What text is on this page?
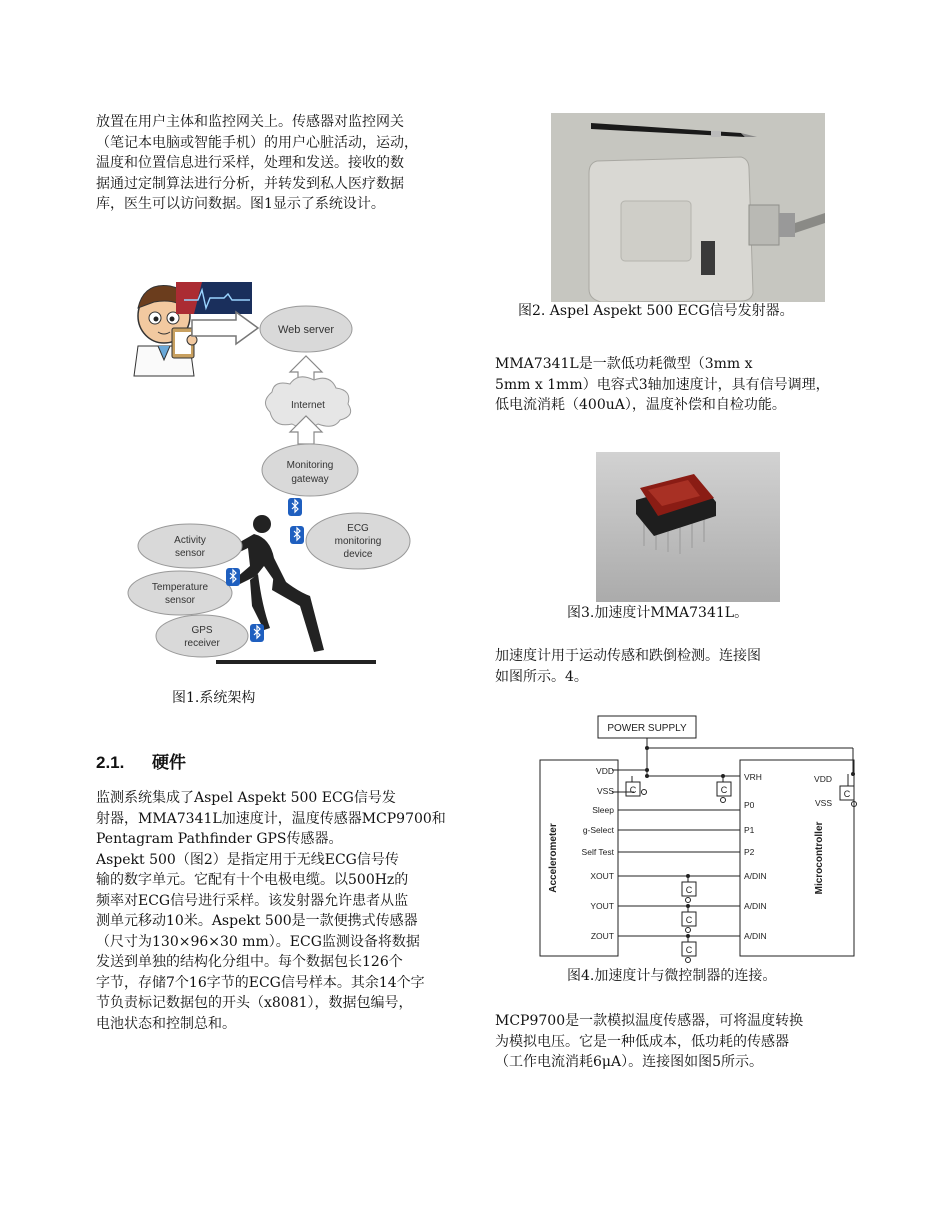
放置在用户主体和监控网关上。传感器对监控网关
（笔记本电脑或智能手机）的用户心脏活动，运动，
温度和位置信息进行采样，处理和发送。接收的数
据通过定制算法进行分析，并转发到私人医疗数据
库，医生可以访问数据。图1显示了系统设计。
Web server
Internet
Monitoring
gateway
ECG
monitoring
device
Activity
sensor
Temperature
sensor
GPS
receiver
图1.系统架构
2.1. 硬件
监测系统集成了Aspel Aspekt 500 ECG信号发
射器，MMA7341L加速度计，温度传感器MCP9700和
Pentagram Pathfinder GPS传感器。
Aspekt 500（图2）是指定用于无线ECG信号传
输的数字单元。它配有十个电极电缆。以500Hz的
频率对ECG信号进行采样。该发射器允许患者从监
测单元移动10米。Aspekt 500是一款便携式传感器
（尺寸为130×96×30 mm）。ECG监测设备将数据
发送到单独的结构化分组中。每个数据包长126个
字节，存储7个16字节的ECG信号样本。其余14个字
节负责标记数据包的开头（x8081），数据包编号，
电池状态和控制总和。
图2. Aspel Aspekt 500 ECG信号发射器。
MMA7341L是一款低功耗微型（3mm x
5mm x 1mm）电容式3轴加速度计，具有信号调理，
低电流消耗（400uA），温度补偿和自检功能。
图3.加速度计MMA7341L。
加速度计用于运动传感和跌倒检测。连接图
如图所示。4。
POWER SUPPLY
Accelerometer	Microcontroller
C	C	C
C
C
C
VDD
VSS
Sleep
g-Select
Self Test
XOUT
YOUT
ZOUT
VRH
P0
P1
P2
A/DIN
A/DIN
A/DIN
VDD
VSS
图4.加速度计与微控制器的连接。
MCP9700是一款模拟温度传感器，可将温度转换
为模拟电压。它是一种低成本，低功耗的传感器
（工作电流消耗6μA）。连接图如图5所示。
